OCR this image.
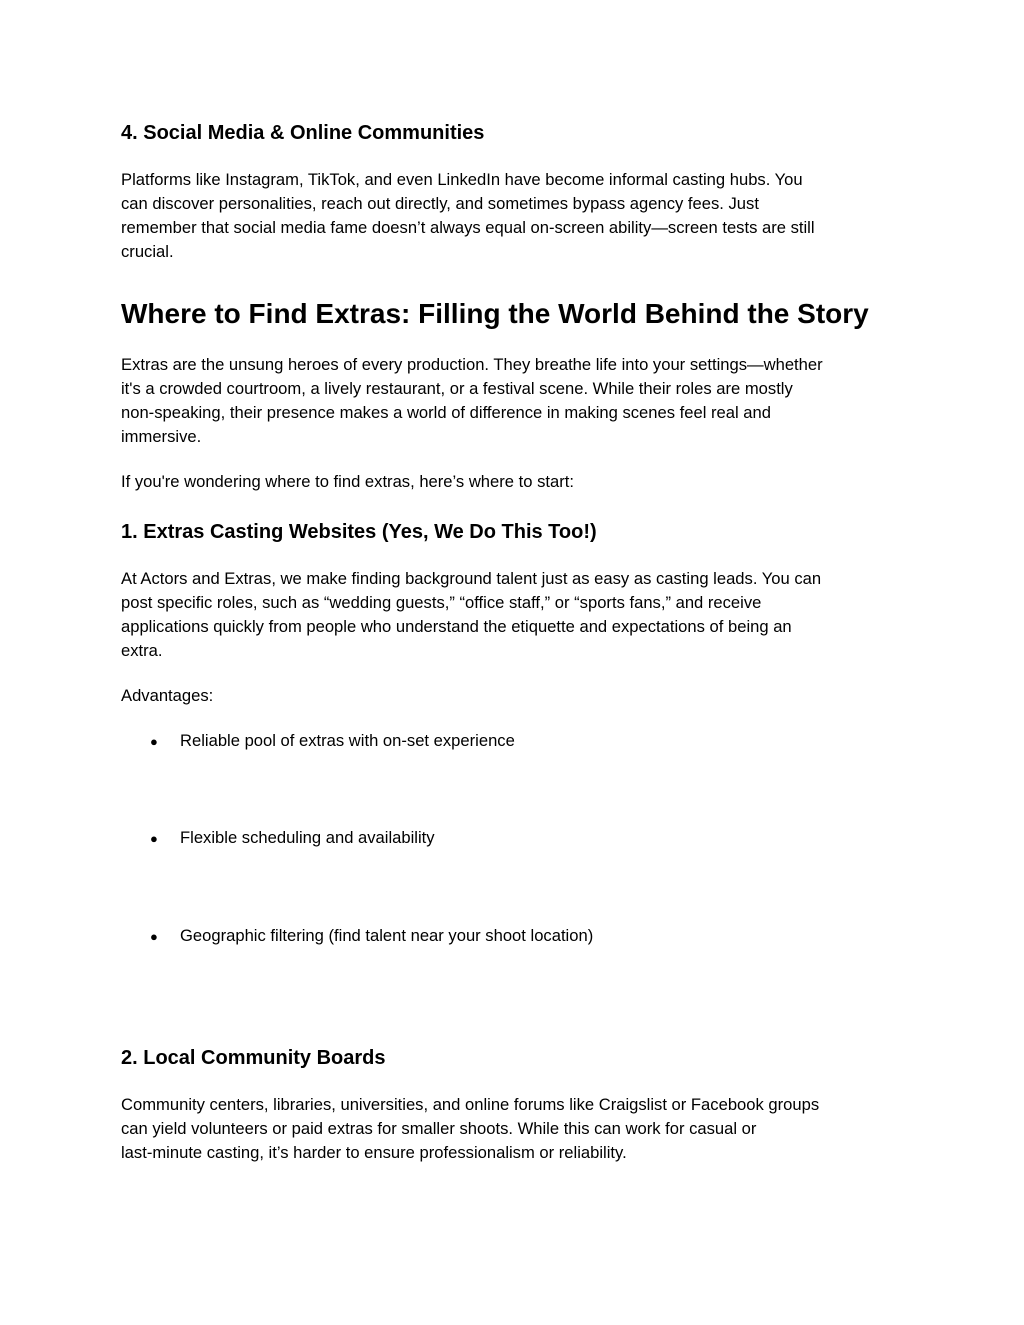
4. Social Media & Online Communities
Platforms like Instagram, TikTok, and even LinkedIn have become informal casting hubs. You
can discover personalities, reach out directly, and sometimes bypass agency fees. Just
remember that social media fame doesn’t always equal on-screen ability—screen tests are still
crucial.
Where to Find Extras: Filling the World Behind the Story
Extras are the unsung heroes of every production. They breathe life into your settings—whether
it's a crowded courtroom, a lively restaurant, or a festival scene. While their roles are mostly
non-speaking, their presence makes a world of difference in making scenes feel real and
immersive.

If you're wondering where to find extras, here’s where to start:

1. Extras Casting Websites (Yes, We Do This Too!)
At Actors and Extras, we make finding background talent just as easy as casting leads. You can
post specific roles, such as “wedding guests,” “office staff,” or “sports fans,” and receive
applications quickly from people who understand the etiquette and expectations of being an
extra.

Advantages:

● Reliable pool of extras with on-set experience
● Flexible scheduling and availability
● Geographic filtering (find talent near your shoot location)
2. Local Community Boards
Community centers, libraries, universities, and online forums like Craigslist or Facebook groups
can yield volunteers or paid extras for smaller shoots. While this can work for casual or
last-minute casting, it’s harder to ensure professionalism or reliability.
